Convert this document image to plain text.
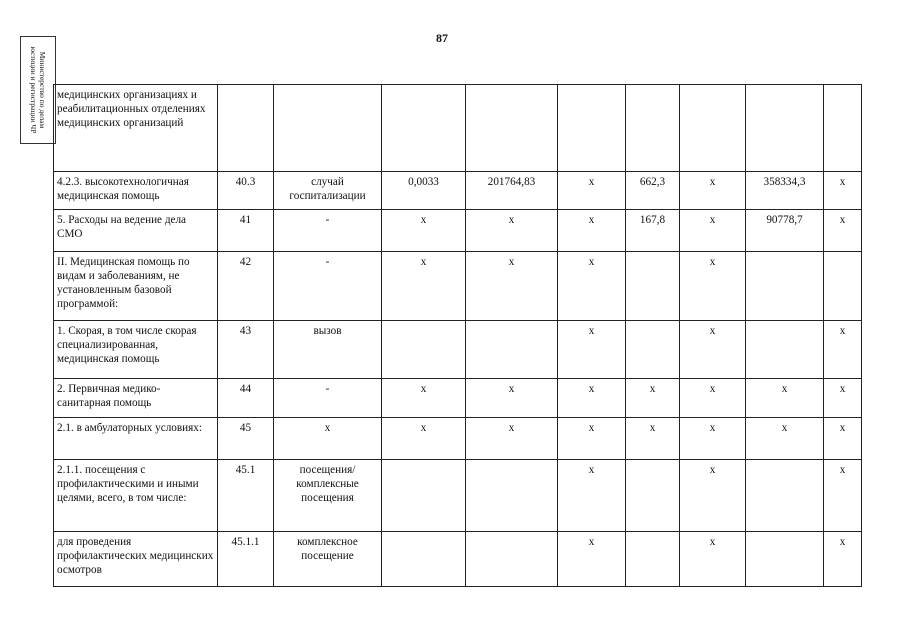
87
Министерство по делам юстиции и регистрации ЧР	медицинских организациях и реабилитационных отделениях медицинских организаций									
4.2.3. высокотехнологичная медицинская помощь	40.3	случай госпитализации	0,0033	201764,83	x	662,3	x	358334,3	x
5. Расходы на ведение дела СМО	41	-	x	x	x	167,8	x	90778,7	x
II. Медицинская помощь по видам и заболеваниям, не установленным базовой программой:	42	-	x	x	x		x		
1. Скорая, в том числе скорая специализированная, медицинская помощь	43	вызов			x		x		x
2. Первичная медико-санитарная помощь	44	-	x	x	x	x	x	x	x
2.1. в амбулаторных условиях:	45	x	x	x	x	x	x	x	x
2.1.1. посещения с профилактическими и иными целями, всего, в том числе:	45.1	посещения/ комплексные посещения			x		x		x
для проведения профилактических медицинских осмотров	45.1.1	комплексное посещение			x		x		x
